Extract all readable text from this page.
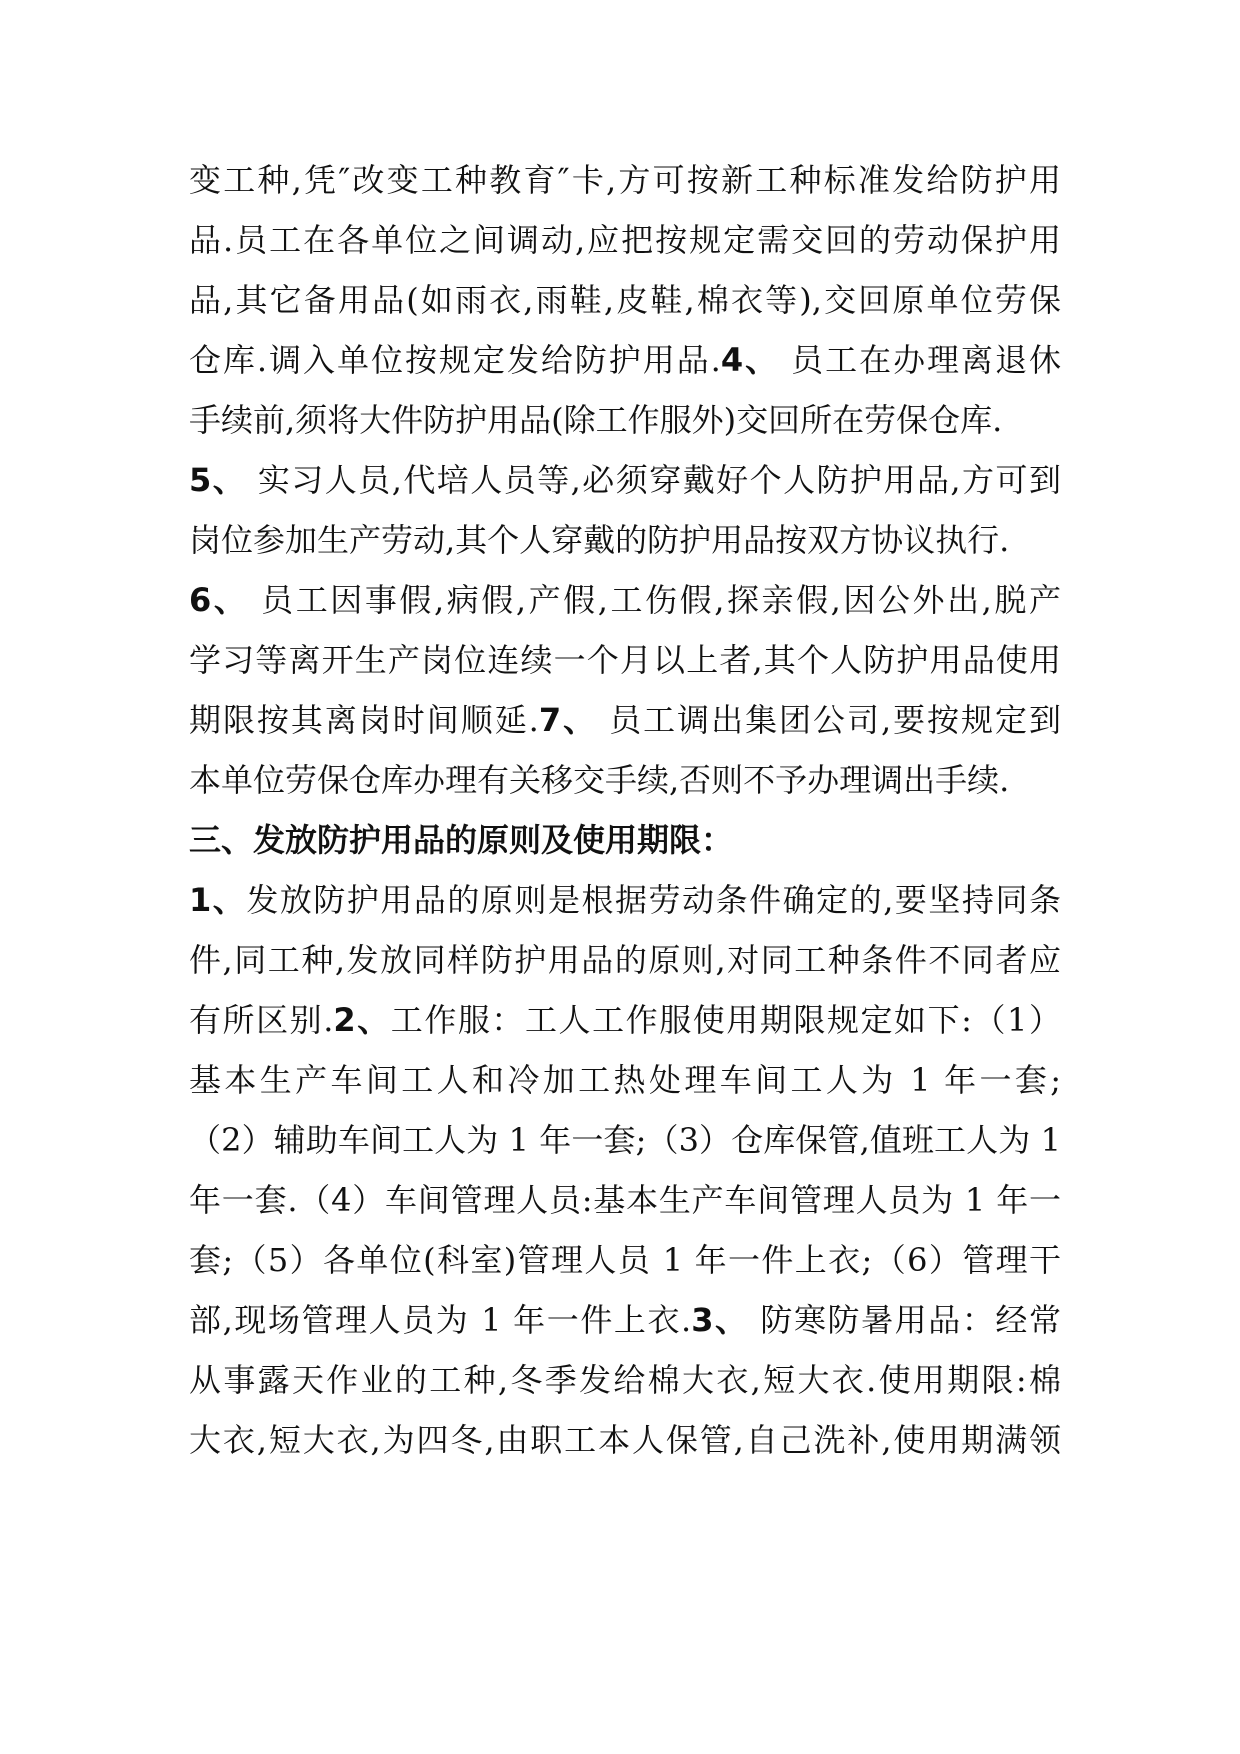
变工种,凭″改变工种教育″卡,方可按新工种标准发给防护用
品.员工在各单位之间调动,应把按规定需交回的劳动保护用
品,其它备用品(如雨衣,雨鞋,皮鞋,棉衣等),交回原单位劳保
仓库.调入单位按规定发给防护用品.4、 员工在办理离退休
手续前,须将大件防护用品(除工作服外)交回所在劳保仓库.
5、 实习人员,代培人员等,必须穿戴好个人防护用品,方可到
岗位参加生产劳动,其个人穿戴的防护用品按双方协议执行.
6、 员工因事假,病假,产假,工伤假,探亲假,因公外出,脱产
学习等离开生产岗位连续一个月以上者,其个人防护用品使用
期限按其离岗时间顺延.7、 员工调出集团公司,要按规定到
本单位劳保仓库办理有关移交手续,否则不予办理调出手续.
三、发放防护用品的原则及使用期限：
1、发放防护用品的原则是根据劳动条件确定的,要坚持同条
件,同工种,发放同样防护用品的原则,对同工种条件不同者应
有所区别.2、工作服：工人工作服使用期限规定如下:（1）
基本生产车间工人和冷加工热处理车间工人为 1 年一套;
（2）辅助车间工人为 1 年一套;（3）仓库保管,值班工人为 1
年一套.（4）车间管理人员:基本生产车间管理人员为 1 年一
套;（5）各单位(科室)管理人员 1 年一件上衣;（6）管理干
部,现场管理人员为 1 年一件上衣.3、 防寒防暑用品：经常
从事露天作业的工种,冬季发给棉大衣,短大衣.使用期限:棉
大衣,短大衣,为四冬,由职工本人保管,自己洗补,使用期满领
